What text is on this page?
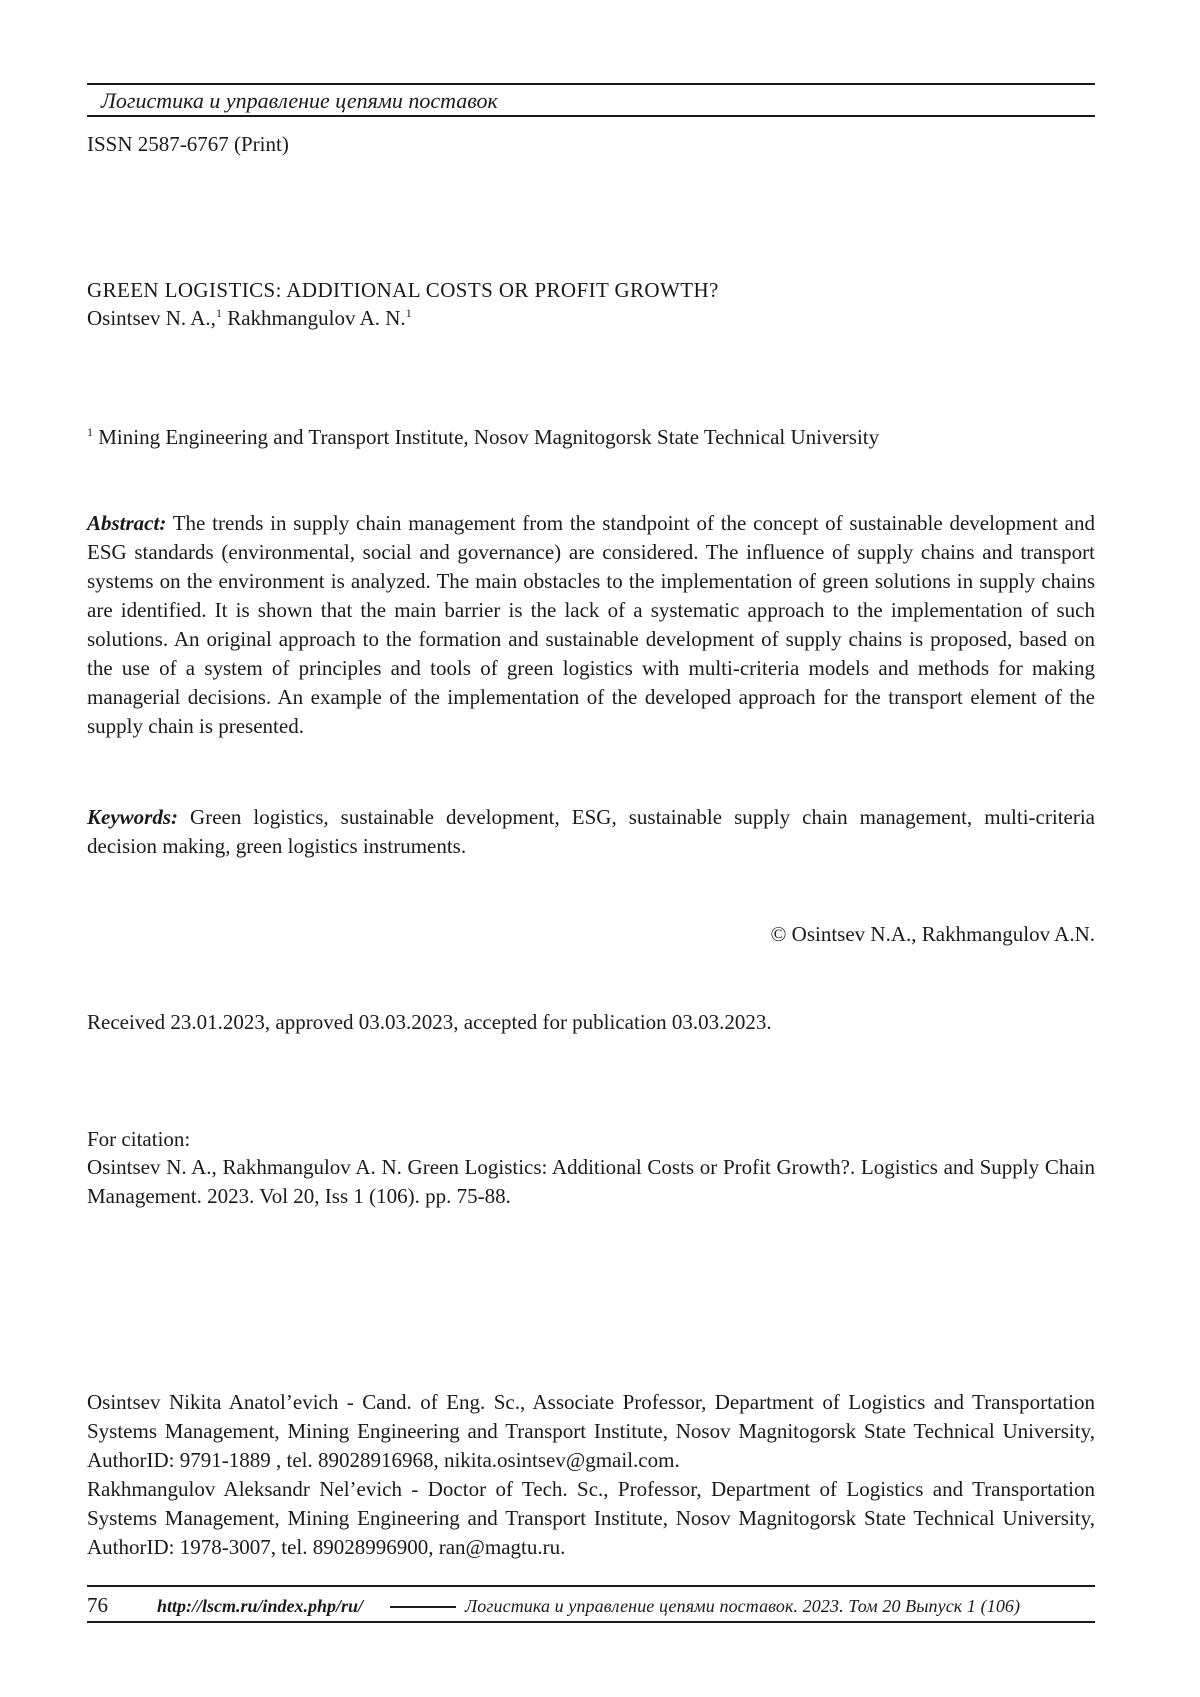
Логистика и управление цепями поставок
ISSN 2587-6767 (Print)
GREEN LOGISTICS: ADDITIONAL COSTS OR PROFIT GROWTH?
Osintsev N. A.,$^1$ Rakhmangulov A. N.$^1$
$^1$ Mining Engineering and Transport Institute, Nosov Magnitogorsk State Technical University
Abstract: The trends in supply chain management from the standpoint of the concept of sustainable development and ESG standards (environmental, social and governance) are considered. The influence of supply chains and transport systems on the environment is analyzed. The main obstacles to the implementation of green solutions in supply chains are identified. It is shown that the main barrier is the lack of a systematic approach to the implementation of such solutions. An original approach to the formation and sustainable development of supply chains is proposed, based on the use of a system of principles and tools of green logistics with multi-criteria models and methods for making managerial decisions. An example of the implementation of the developed approach for the transport element of the supply chain is presented.
Keywords: Green logistics, sustainable development, ESG, sustainable supply chain management, multi-criteria decision making, green logistics instruments.
© Osintsev N.A., Rakhmangulov A.N.
Received 23.01.2023, approved 03.03.2023, accepted for publication 03.03.2023.
For citation:
Osintsev N. A., Rakhmangulov A. N. Green Logistics: Additional Costs or Profit Growth?. Logistics and Supply Chain Management. 2023. Vol 20, Iss 1 (106). pp. 75-88.

Osintsev Nikita Anatol’evich - Cand. of Eng. Sc., Associate Professor, Department of Logistics and Transportation Systems Management, Mining Engineering and Transport Institute, Nosov Magnitogorsk State Technical University, AuthorID: 9791-1889 , tel. 89028916968, nikita.osintsev@gmail.com.

Rakhmangulov Aleksandr Nel’evich - Doctor of Tech. Sc., Professor, Department of Logistics and Transportation Systems Management, Mining Engineering and Transport Institute, Nosov Magnitogorsk State Technical University, AuthorID: 1978-3007, tel. 89028996900, ran@magtu.ru.

76	http://lscm.ru/index.php/ru/	Логистика и управление цепями поставок. 2023. Том 20 Выпуск 1 (106)
